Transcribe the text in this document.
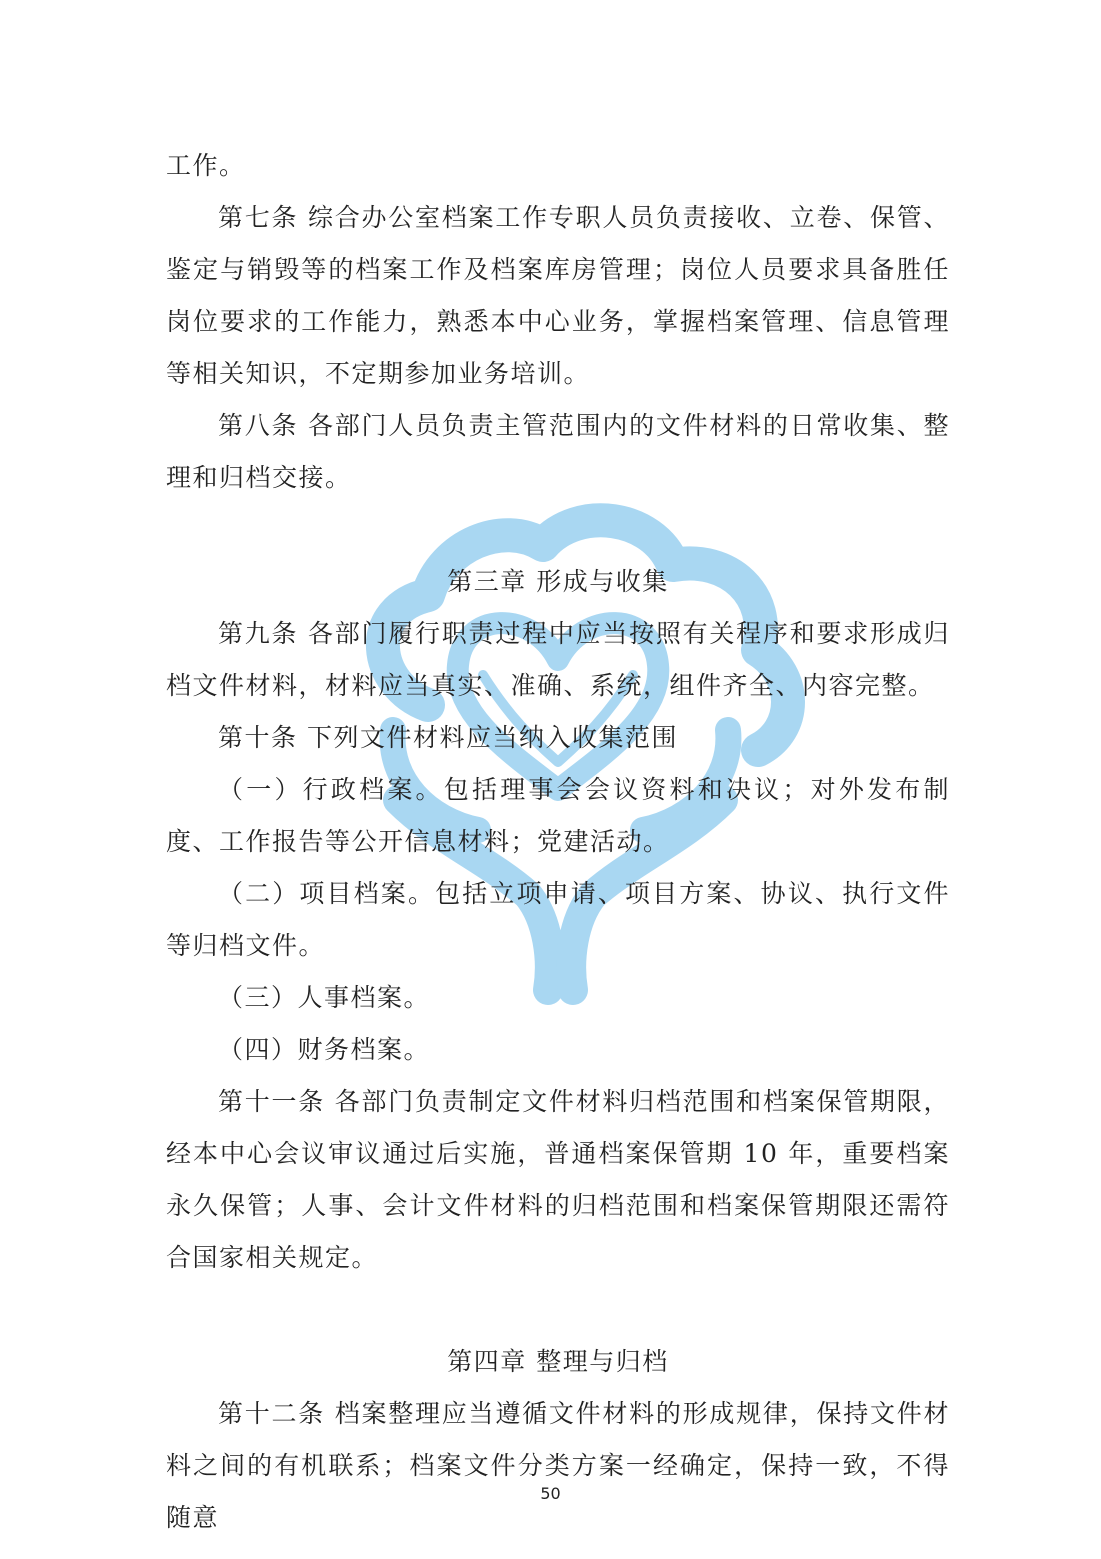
工作。

第七条 综合办公室档案工作专职人员负责接收、立卷、保管、鉴定与销毁等的档案工作及档案库房管理；岗位人员要求具备胜任岗位要求的工作能力，熟悉本中心业务，掌握档案管理、信息管理等相关知识，不定期参加业务培训。

第八条 各部门人员负责主管范围内的文件材料的日常收集、整理和归档交接。

第三章 形成与收集

第九条 各部门履行职责过程中应当按照有关程序和要求形成归档文件材料，材料应当真实、准确、系统，组件齐全、内容完整。

第十条 下列文件材料应当纳入收集范围

（一）行政档案。包括理事会会议资料和决议；对外发布制度、工作报告等公开信息材料；党建活动。

（二）项目档案。包括立项申请、项目方案、协议、执行文件等归档文件。

（三）人事档案。

（四）财务档案。

第十一条 各部门负责制定文件材料归档范围和档案保管期限，经本中心会议审议通过后实施，普通档案保管期 10 年，重要档案永久保管；人事、会计文件材料的归档范围和档案保管期限还需符合国家相关规定。

第四章 整理与归档

第十二条 档案整理应当遵循文件材料的形成规律，保持文件材料之间的有机联系；档案文件分类方案一经确定，保持一致，不得随意

50
